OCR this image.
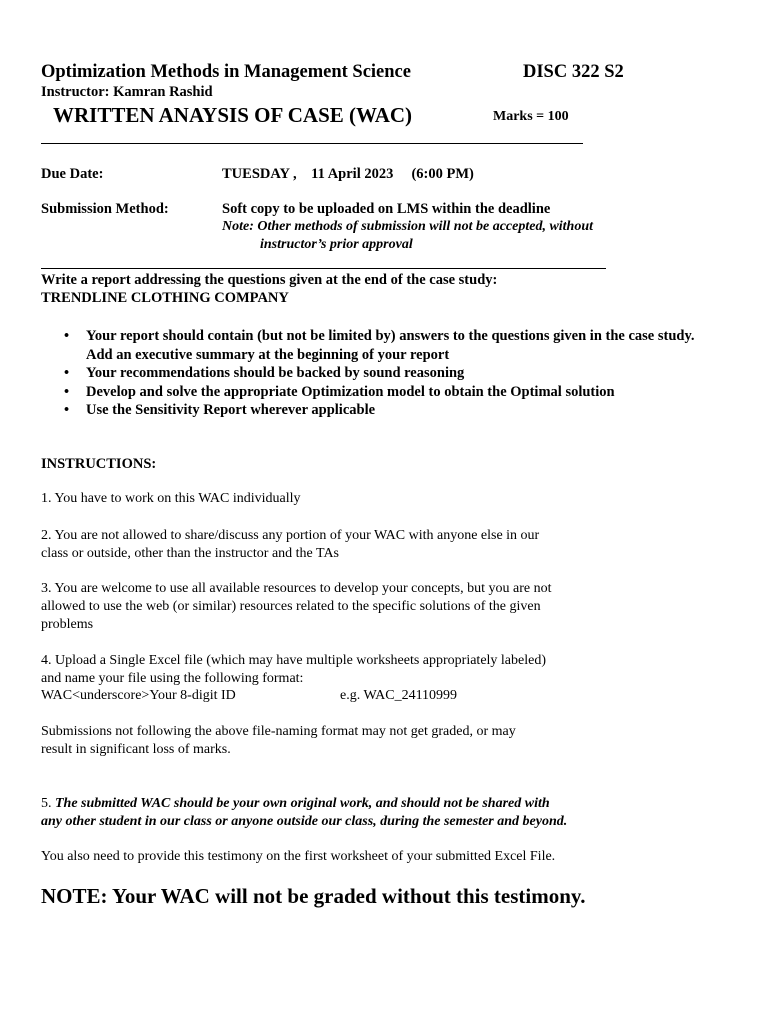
Optimization Methods in Management Science	DISC 322 S2
Instructor: Kamran Rashid
WRITTEN ANAYSIS OF CASE (WAC)	Marks = 100
Due Date:	TUESDAY ,    11 April 2023     (6:00 PM)
Submission Method:	Soft copy to be uploaded on LMS within the deadline
Note: Other methods of submission will not be accepted, without
instructor’s prior approval
Write a report addressing the questions given at the end of the case study:
TRENDLINE CLOTHING COMPANY
• Your report should contain (but not be limited by) answers to the questions given in the case study.
Add an executive summary at the beginning of your report
• Your recommendations should be backed by sound reasoning
• Develop and solve the appropriate Optimization model to obtain the Optimal solution
• Use the Sensitivity Report wherever applicable
INSTRUCTIONS:
1. You have to work on this WAC individually
2. You are not allowed to share/discuss any portion of your WAC with anyone else in our
class or outside, other than the instructor and the TAs
3. You are welcome to use all available resources to develop your concepts, but you are not
allowed to use the web (or similar) resources related to the specific solutions of the given
problems
4. Upload a Single Excel file (which may have multiple worksheets appropriately labeled)
and name your file using the following format:
WAC<underscore>Your 8-digit ID	e.g. WAC_24110999
Submissions not following the above file-naming format may not get graded, or may
result in significant loss of marks.
5. The submitted WAC should be your own original work, and should not be shared with
any other student in our class or anyone outside our class, during the semester and beyond.
You also need to provide this testimony on the first worksheet of your submitted Excel File.
NOTE: Your WAC will not be graded without this testimony.
